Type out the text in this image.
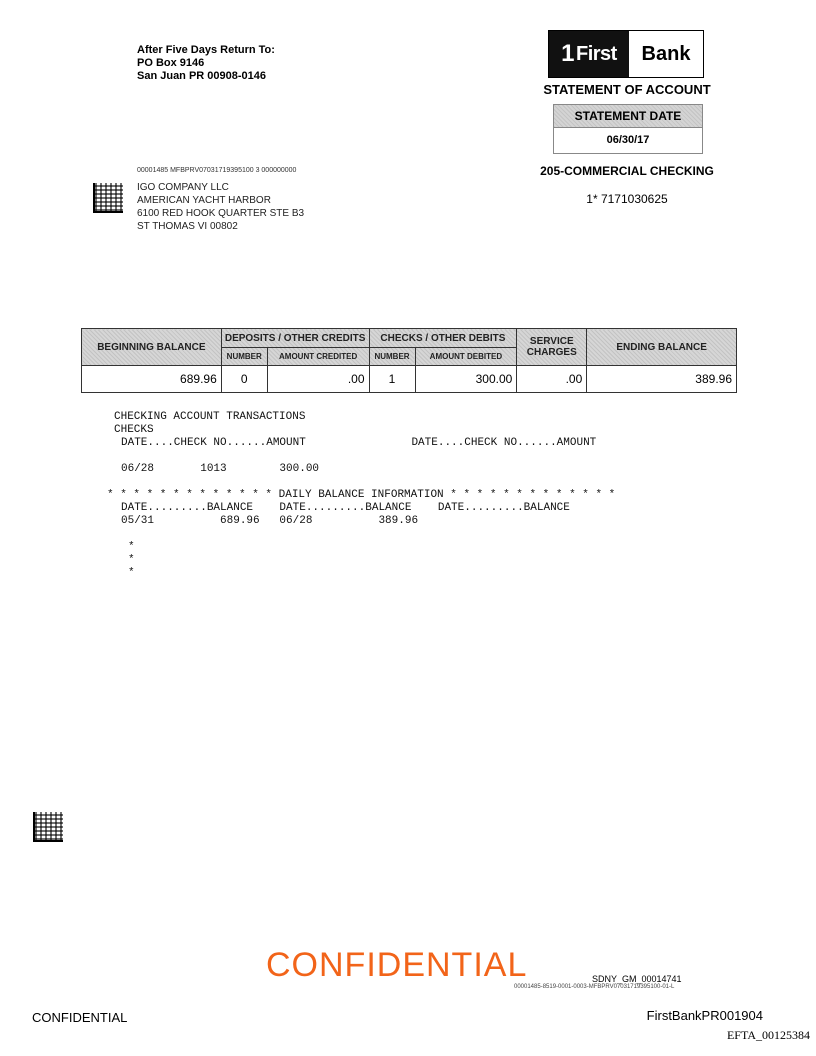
After Five Days Return To:
PO Box 9146
San Juan PR 00908-0146
1 First	Bank
STATEMENT OF ACCOUNT
STATEMENT DATE
06/30/17
205-COMMERCIAL CHECKING
1* 7171030625
00001485 MFBPRV07031719395100 3 000000000
IGO COMPANY LLC
AMERICAN YACHT HARBOR
6100 RED HOOK QUARTER STE B3
ST THOMAS VI 00802
BEGINNING BALANCE	DEPOSITS / OTHER CREDITS		CHECKS / OTHER DEBITS		SERVICE CHARGES	ENDING BALANCE
	NUMBER	AMOUNT CREDITED	NUMBER	AMOUNT DEBITED		
689.96	0	.00	1	300.00	.00	389.96
CHECKING ACCOUNT TRANSACTIONS
CHECKS
DATE....CHECK NO......AMOUNT                DATE....CHECK NO......AMOUNT
06/28       1013        300.00
* * * * * * * * * * * * * DAILY BALANCE INFORMATION * * * * * * * * * * * * *
DATE.........BALANCE    DATE.........BALANCE    DATE.........BALANCE
05/31          689.96   06/28          389.96
*
*
*
CONFIDENTIAL	SDNY_GM_00014741
00001485-8519-0001-0003-MFBPRV07031719395100-01-L
CONFIDENTIAL	FirstBankPR001904
EFTA_00125384
